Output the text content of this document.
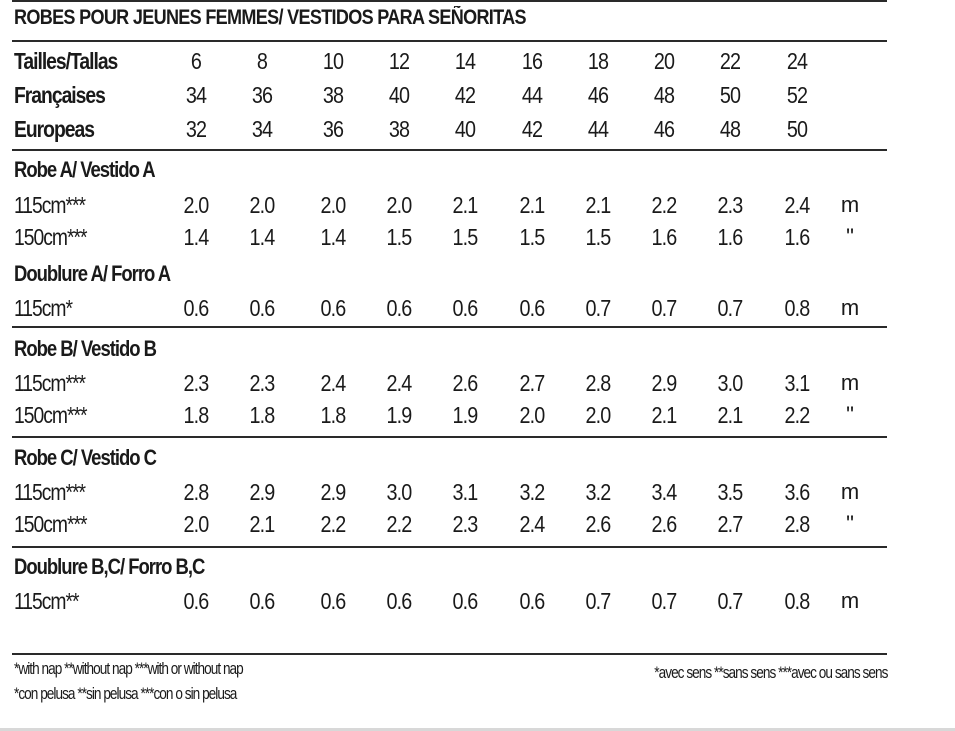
ROBES POUR JEUNES FEMMES/ VESTIDOS PARA SEÑORITAS
Tailles/Tallas	6	8	10	12	14	16	18	20	22	24
Françaises	34	36	38	40	42	44	46	48	50	52
Europeas	32	34	36	38	40	42	44	46	48	50
Robe A/ Vestido A
115cm***	2.0 2.0 2.0 2.0 2.1 2.1 2.1 2.2 2.3 2.4 m
150cm***	1.4 1.4 1.4 1.5 1.5 1.5 1.5 1.6 1.6 1.6	"
Doublure A/ Forro A
115cm*	0.6 0.6 0.6 0.6 0.6 0.6 0.7 0.7 0.7 0.8 m
Robe B/ Vestido B
115cm***	2.3 2.3 2.4 2.4 2.6 2.7 2.8 2.9 3.0 3.1 m
150cm***	1.8 1.8 1.8 1.9 1.9 2.0 2.0 2.1 2.1 2.2	"
Robe C/ Vestido C
115cm***	2.8 2.9 2.9 3.0 3.1 3.2 3.2 3.4 3.5 3.6 m
150cm***	2.0 2.1 2.2 2.2 2.3 2.4 2.6 2.6 2.7 2.8	"
Doublure B,C/ Forro B,C
115cm**	0.6 0.6 0.6 0.6 0.6 0.6 0.7 0.7 0.7 0.8 m
*with nap **without nap ***with or without nap
*con pelusa **sin pelusa ***con o sin pelusa
*avec sens **sans sens ***avec ou sans sens
